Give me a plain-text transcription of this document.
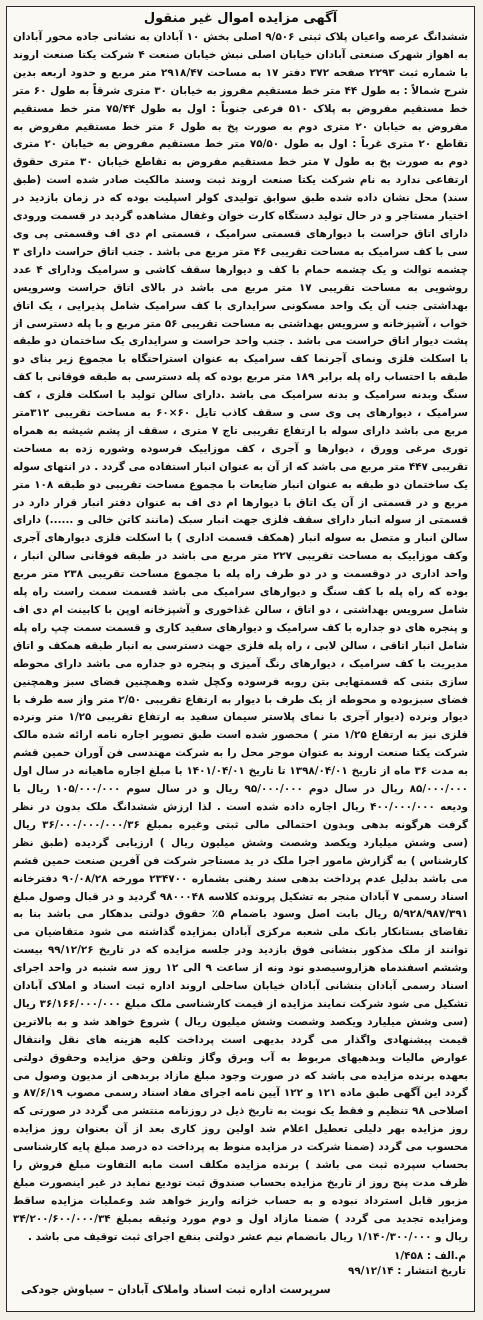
آگهی مزایده اموال غیر منقول
ششدانگ عرصه واعیان پلاک ثبتی ۹/۵۰۶ اصلی بخش ۱۰ آبادان به نشانی جاده محور آبادان به اهواز شهرک صنعتی آبادان خیابان اصلی نبش خیابان صنعت ۴ شرکت یکتا صنعت اروند با شماره ثبت ۲۲۹۳ صفحه ۳۷۲ دفتر ۱۷ به مساحت ۲۹۱۸/۴۷ متر مربع و حدود اربعه بدین شرح شمالاً : به طول ۴۴ متر خط مستقیم مفروز به خیابان ۳۰ متری شرقاً به طول ۶۰ متر خط مستقیم مفروض به پلاک ۵۱۰ فرعی جنوباً : اول به طول ۷۵/۴۴ متر خط مستقیم مفروض به خیابان ۲۰ متری دوم به صورت پخ به طول ۶ متر خط مستقیم مفروض به تقاطع ۲۰ متری غرباً : اول به طول ۷۵/۵۰ متر خط مستقیم مفروض به خیابان ۲۰ متری دوم به صورت پخ به طول ۷ متر خط مستقیم مفروض به تقاطع خیابان ۳۰ متری حقوق ارتفاعی ندارد به نام شرکت یکتا صنعت اروند ثبت وسند مالکیت صادر شده است (طبق سند) محل نشان داده شده طبق سوابق تولیدی کولر اسپلیت بوده که در زمان بازدید در اختیار مستاجر و در حال تولید دستگاه کارت خوان وغفال مشاهده گردید در قسمت ورودی دارای اتاق حراست با دیوارهای قسمتی سرامیک ، قسمتی ام دی اف وقسمتی پی وی سی با کف سرامیک به مساحت تقریبی ۴۶ متر مربع می باشد . جنب اتاق حراست دارای ۳ چشمه توالت و یک چشمه حمام با کف و دیوارها سقف کاشی و سرامیک ودارای ۴ عدد روشویی به مساحت تقریبی ۱۷ متر مربع می باشد در بالای اتاق حراست وسرویس بهداشتی جنب آن یک واحد مسکونی سرایداری با کف سرامیک شامل پذیرایی ، یک اتاق خواب ، آشپزخانه و سرویس بهداشتی به مساحت تقریبی ۵۶ متر مربع و با پله دسترسی از پشت دیوار اتاق حراست می باشد . جنب واحد حراست و سرایداری یک ساختمان دو طبقه با اسکلت فلزی ونمای آجرنما کف سرامیک به عنوان استراحتگاه با مجموع زیر بنای دو طبقه با احتساب راه پله برابر ۱۸۹ متر مربع بوده که پله دسترسی به طبقه فوقانی با کف سنگ وبدنه سرامیک و بدنه سرامیک می باشد .دارای سالن تولید با اسکلت فلزی ، کف سرامیک ، دیوارهای پی وی سی و سقف کاذب تایل ۶۰×۶۰ به مساحت تقریبی ۳۱۲متر مربع می باشد دارای سوله با ارتفاع تقریبی تاج ۷ متری ، سقف از پشم شیشه به همراه توری مرغی وورق ، دیوارها و آجری ، کف موزاییک فرسوده وشوره زده به مساحت تقریبی ۴۴۷ متر مربع می باشد که از آن به عنوان انبار استفاده می گردد . در انتهای سوله یک ساختمان دو طبقه به عنوان انبار ضایعات با مجموع مساحت تقریبی دو طبقه ۱۰۸ متر مربع و در قسمتی از آن یک اتاق با دیوارها ام دی اف به عنوان دفتر انبار قرار دارد در قسمتی از سوله انبار دارای سقف فلزی جهت انبار سبک (مانند کاتن خالی و ......) دارای سالن انبار و متصل به سوله انبار (همکف قسمت اداری ) با اسکلت فلزی دیوارهای آجری وکف موزاییک به مساحت تقریبی ۲۲۷ متر مربع می باشد در طبقه فوقانی سالن انبار ، واحد اداری در دوقسمت و در دو طرف راه پله با مجموع مساحت تقریبی ۲۳۸ متر مربع بوده که راه پله با کف سنگ و دیوارهای سرامیک می باشد قسمت سمت راست راه پله شامل سرویس بهداشتی ، دو اتاق ، سالن غذاخوری و آشپزخانه اوپن با کابینت ام دی اف و پنجره های دو جداره با کف سرامیک و دیوارهای سفید کاری و قسمت سمت چپ راه پله شامل انبار اتاقی ، سالن لابی ، راه پله فلزی جهت دسترسی به انبار طبقه همکف و اتاق مدیریت با کف سرامیک ، دیوارهای رنگ آمیزی و پنجره دو جداره می باشد دارای محوطه سازی بتنی که قسمتهایی بتن روبه فرسوده وکچل شده وهمچنین فضای سبز وهمچنین فضای سبزبوده و محوطه از یک طرف با دیوار به ارتفاع تقریبی ۲/۵۰ متر واز سه طرف با دیوار ونرده (دیوار آجری با نمای پلاستر سیمان سفید به ارتفاع تقریبی ۱/۲۵ متر ونرده فلزی نیز به ارتفاع ۱/۲۵ متر ) محصور شده است طبق تصویر اجاره نامه ارائه شده مالک شرکت یکتا صنعت اروند به عنوان موجر محل را به شرکت مهندسی فن آوران حمین قشم به مدت ۳۶ ماه از تاریخ ۱۳۹۸/۰۴/۰۱ تا تاریخ ۱۴۰۱/۰۴/۰۱ با مبلغ اجاره ماهیانه در سال اول ۸۵/۰۰۰/۰۰۰ ریال در سال دوم ۹۵/۰۰۰/۰۰۰ ریال و در سال سوم ۱۰۵/۰۰۰/۰۰۰ ریال با ودیعه ۴۰۰/۰۰۰/۰۰۰ ریال اجاره داده شده است . لذا ارزش ششدانگ ملک بدون در نظر گرفت هرگونه بدهی وبدون احتمالی مالی ثبتی وغیره بمبلغ ۳۶/۰۰۰/۰۰۰/۰۰۰/۳۶ ریال (سی وشش میلیارد ویکصد وشصت وشش میلیون ریال ) ارزیابی گردیده (طبق نظر کارشناس ) به گزارش مامور اجرا ملک در ید مستاجر شرکت فن آفرین صنعت حمین قشم می باشد بدلیل عدم پرداخت بدهی سند رهنی بشماره ۲۳۴۷۰۰ مورخه ۹۰/۰۸/۲۸ دفترخانه اسناد رسمی ۷ آبادان منجر به تشکیل پرونده کلاسه ۹۸۰۰۰۴۸ گردید و در قبال وصول مبلغ ۵/۹۲۸/۹۸۷/۳۹۱ ریال بابت اصل وسود باضمام ۵٪ حقوق دولتی بدهکار می باشد بنا به تقاضای بستانکار بانک ملی شعبه مرکزی آبادان بمزایده گذاشته می شود متقاضیان می توانند از ملک مذکور بنشانی فوق بازدید ودر جلسه مزایده که در تاریخ ۹۹/۱۲/۲۶ بیست وششم اسفندماه هزاروسیصدو نود ونه از ساعت ۹ الی ۱۲ روز سه شنبه در واحد اجرای اسناد رسمی آبادان بنشانی آبادان خیابان ساحلی اروند اداره ثبت اسناد و املاک آبادان تشکیل می شود شرکت نمایند مزایده از قیمت کارشناسی ملک مبلغ ۳۶/۱۶۶/۰۰۰/۰۰۰ ریال (سی وشش میلیارد ویکصد وشصت وشش میلیون ریال ) شروع خواهد شد و به بالاترین قیمت پیشنهادی واگذار می گردد بدیهی است پرداخت کلیه هزینه های نقل وانتقال عوارض مالیات وبدهیهای مربوط به آب وبرق وگاز وتلفن وحق مزایده وحقوق دولتی بعهده برنده مزایده می باشد که در صورت وجود مبلغ مازاد بربدهی از مدیون وصول می گردد این آگهی طبق ماده ۱۲۱ و ۱۲۲ آیین نامه اجرای مفاد اسناد رسمی مصوب ۸۷/۶/۱۹ و اصلاحی ۹۸ تنظیم و فقط یک نوبت به تاریخ ذیل در روزنامه منتشر می گردد در صورتی که روز مزایده بهر دلیلی تعطیل اعلام شد اولین روز کاری بعد از آن بعنوان روز مزایده محسوب می گردد (ضمنا شرکت در مزایده منوط به پرداخت ده درصد مبلغ پایه کارشناسی بحساب سپرده ثبت می باشد ) برنده مزایده مکلف است مابه التفاوت مبلغ فروش را ظرف مدت پنج روز از تاریخ مزایده بحساب صندوق ثبت تودیع نماید در غیر اینصورت مبلغ مزبور قابل استرداد نبوده و به حساب خزانه واریز خواهد شد وعملیات مزایده ساقط ومزایده تجدید می گردد ) ضمنا مازاد اول و دوم مورد وثیقه بمبلغ ۳۴/۲۰۰/۶۰۰/۰۰۰/۳۴ ریال و ۱/۱۴۰/۳۰۰/۰۰۰ ریال بانضمام نیم عشر دولتی بنفع اجرای ثبت توقیف می باشد .
م.الف : ۱/۴۵۸
تاریخ انتشار : ۹۹/۱۲/۱۴
سرپرست اداره ثبت اسناد واملاک آبادان – سیاوش جودکی
